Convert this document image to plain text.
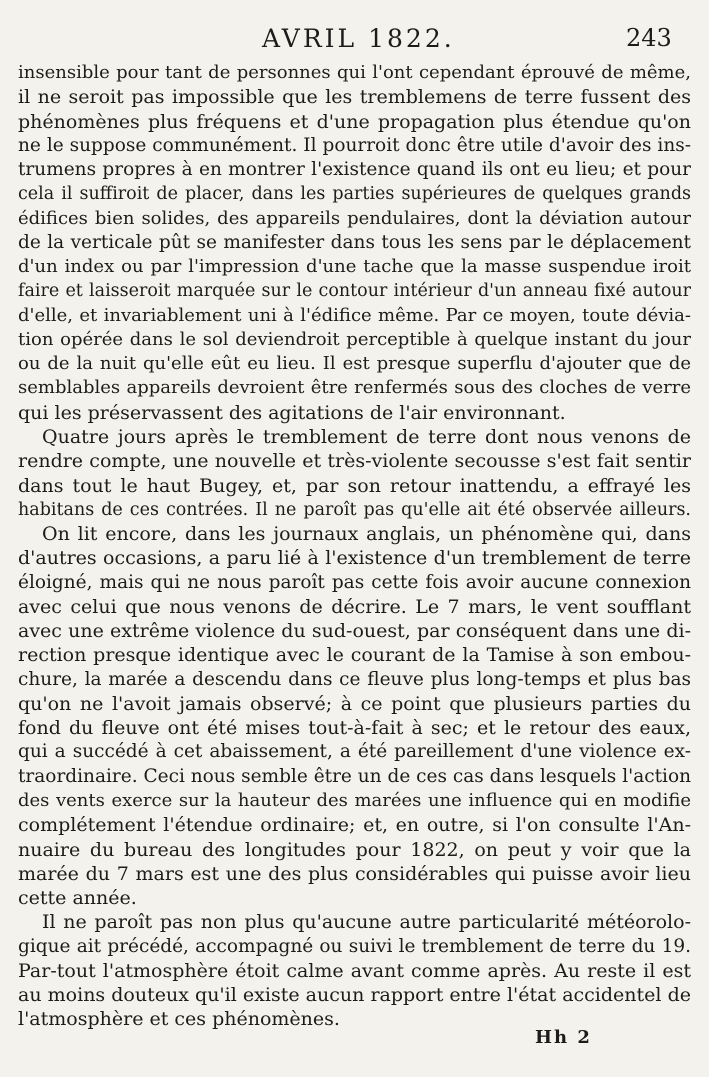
AVRIL 1822.	243
insensible pour tant de personnes qui l'ont cependant éprouvé de même,
il ne seroit pas impossible que les tremblemens de terre fussent des
phénomènes plus fréquens et d'une propagation plus étendue qu'on
ne le suppose communément. Il pourroit donc être utile d'avoir des ins-
trumens propres à en montrer l'existence quand ils ont eu lieu; et pour
cela il suffiroit de placer, dans les parties supérieures de quelques grands
édifices bien solides, des appareils pendulaires, dont la déviation autour
de la verticale pût se manifester dans tous les sens par le déplacement
d'un index ou par l'impression d'une tache que la masse suspendue iroit
faire et laisseroit marquée sur le contour intérieur d'un anneau fixé autour
d'elle, et invariablement uni à l'édifice même. Par ce moyen, toute dévia-
tion opérée dans le sol deviendroit perceptible à quelque instant du jour
ou de la nuit qu'elle eût eu lieu. Il est presque superflu d'ajouter que de
semblables appareils devroient être renfermés sous des cloches de verre
qui les préservassent des agitations de l'air environnant.
Quatre jours après le tremblement de terre dont nous venons de
rendre compte, une nouvelle et très-violente secousse s'est fait sentir
dans tout le haut Bugey, et, par son retour inattendu, a effrayé les
habitans de ces contrées. Il ne paroît pas qu'elle ait été observée ailleurs.
On lit encore, dans les journaux anglais, un phénomène qui, dans
d'autres occasions, a paru lié à l'existence d'un tremblement de terre
éloigné, mais qui ne nous paroît pas cette fois avoir aucune connexion
avec celui que nous venons de décrire. Le 7 mars, le vent soufflant
avec une extrême violence du sud-ouest, par conséquent dans une di-
rection presque identique avec le courant de la Tamise à son embou-
chure, la marée a descendu dans ce fleuve plus long-temps et plus bas
qu'on ne l'avoit jamais observé; à ce point que plusieurs parties du
fond du fleuve ont été mises tout-à-fait à sec; et le retour des eaux,
qui a succédé à cet abaissement, a été pareillement d'une violence ex-
traordinaire. Ceci nous semble être un de ces cas dans lesquels l'action
des vents exerce sur la hauteur des marées une influence qui en modifie
complétement l'étendue ordinaire; et, en outre, si l'on consulte l'An-
nuaire du bureau des longitudes pour 1822, on peut y voir que la
marée du 7 mars est une des plus considérables qui puisse avoir lieu
cette année.
Il ne paroît pas non plus qu'aucune autre particularité météorolo-
gique ait précédé, accompagné ou suivi le tremblement de terre du 19.
Par-tout l'atmosphère étoit calme avant comme après. Au reste il est
au moins douteux qu'il existe aucun rapport entre l'état accidentel de
l'atmosphère et ces phénomènes.
Hh 2
